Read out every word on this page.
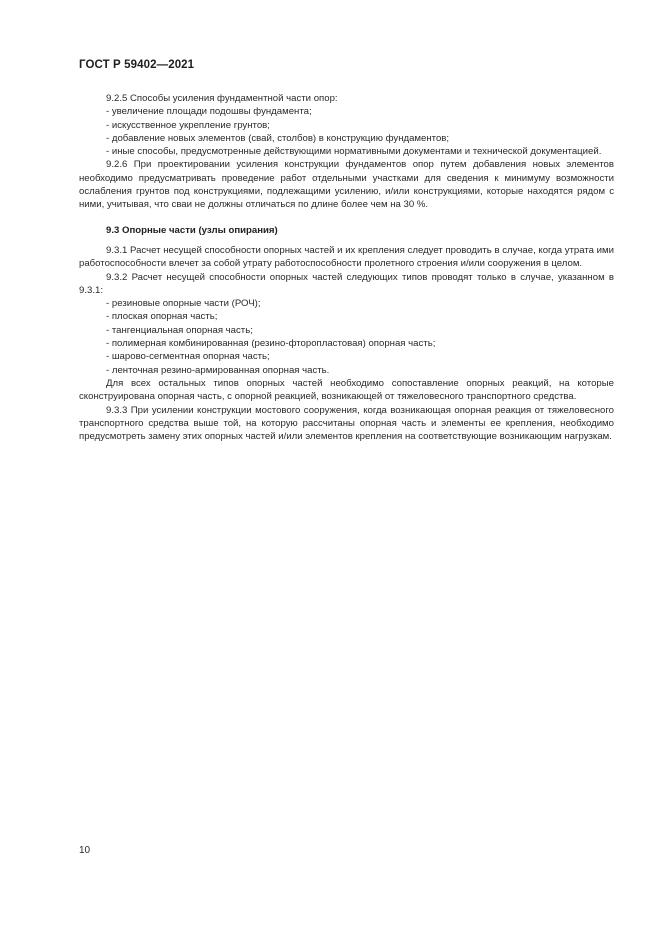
ГОСТ Р 59402—2021

9.2.5 Способы усиления фундаментной части опор:

- увеличение площади подошвы фундамента;

- искусственное укрепление грунтов;

- добавление новых элементов (свай, столбов) в конструкцию фундаментов;

- иные способы, предусмотренные действующими нормативными документами и технической документацией.

9.2.6 При проектировании усиления конструкции фундаментов опор путем добавления новых элементов необходимо предусматривать проведение работ отдельными участками для сведения к минимуму возможности ослабления грунтов под конструкциями, подлежащими усилению, и/или конструкциями, которые находятся рядом с ними, учитывая, что сваи не должны отличаться по длине более чем на 30 %.

9.3 Опорные части (узлы опирания)

9.3.1 Расчет несущей способности опорных частей и их крепления следует проводить в случае, когда утрата ими работоспособности влечет за собой утрату работоспособности пролетного строения и/или сооружения в целом.

9.3.2 Расчет несущей способности опорных частей следующих типов проводят только в случае, указанном в 9.3.1:

- резиновые опорные части (РОЧ);

- плоская опорная часть;

- тангенциальная опорная часть;

- полимерная комбинированная (резино-фторопластовая) опорная часть;

- шарово-сегментная опорная часть;

- ленточная резино-армированная опорная часть.

Для всех остальных типов опорных частей необходимо сопоставление опорных реакций, на которые сконструирована опорная часть, с опорной реакцией, возникающей от тяжеловесного транспортного средства.

9.3.3 При усилении конструкции мостового сооружения, когда возникающая опорная реакция от тяжеловесного транспортного средства выше той, на которую рассчитаны опорная часть и элементы ее крепления, необходимо предусмотреть замену этих опорных частей и/или элементов крепления на соответствующие возникающим нагрузкам.

10
